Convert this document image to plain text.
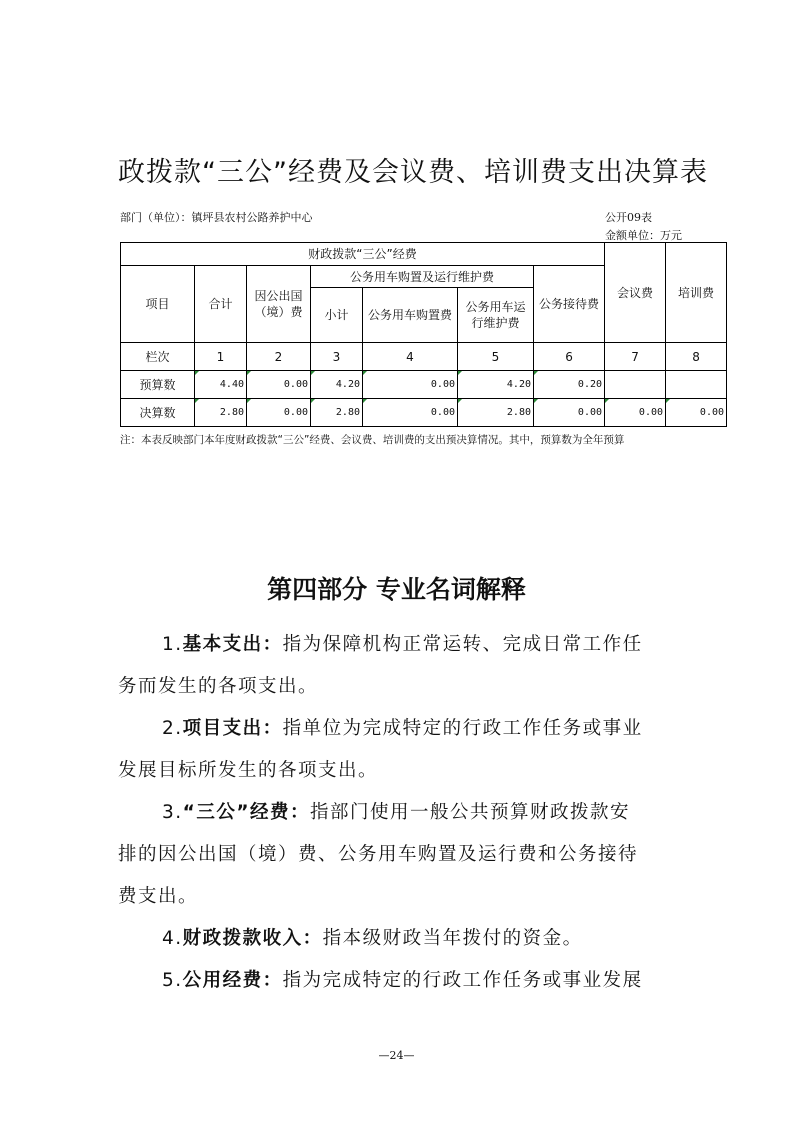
政拨款“三公”经费及会议费、培训费支出决算表
部门（单位）：镇坪县农村公路养护中心	公开09表
金额单位：万元
财政拨款“三公”经费							会议费	培训费
项目	合计	因公出国（境）费	公务用车购置及运行维护费			公务接待费		
			小计	公务用车购置费	公务用车运行维护费			
栏次	1	2	3	4	5	6	7	8
预算数	4.40	0.00	4.20	0.00	4.20	0.20		
决算数	2.80	0.00	2.80	0.00	2.80	0.00	0.00	0.00
注：本表反映部门本年度财政拨款“三公”经费、会议费、培训费的支出预决算情况。其中，预算数为全年预算
第四部分 专业名词解释
1.基本支出：指为保障机构正常运转、完成日常工作任
务而发生的各项支出。
2.项目支出：指单位为完成特定的行政工作任务或事业
发展目标所发生的各项支出。
3.“三公”经费：指部门使用一般公共预算财政拨款安
排的因公出国（境）费、公务用车购置及运行费和公务接待
费支出。
4.财政拨款收入：指本级财政当年拨付的资金。
5.公用经费：指为完成特定的行政工作任务或事业发展
—24—
